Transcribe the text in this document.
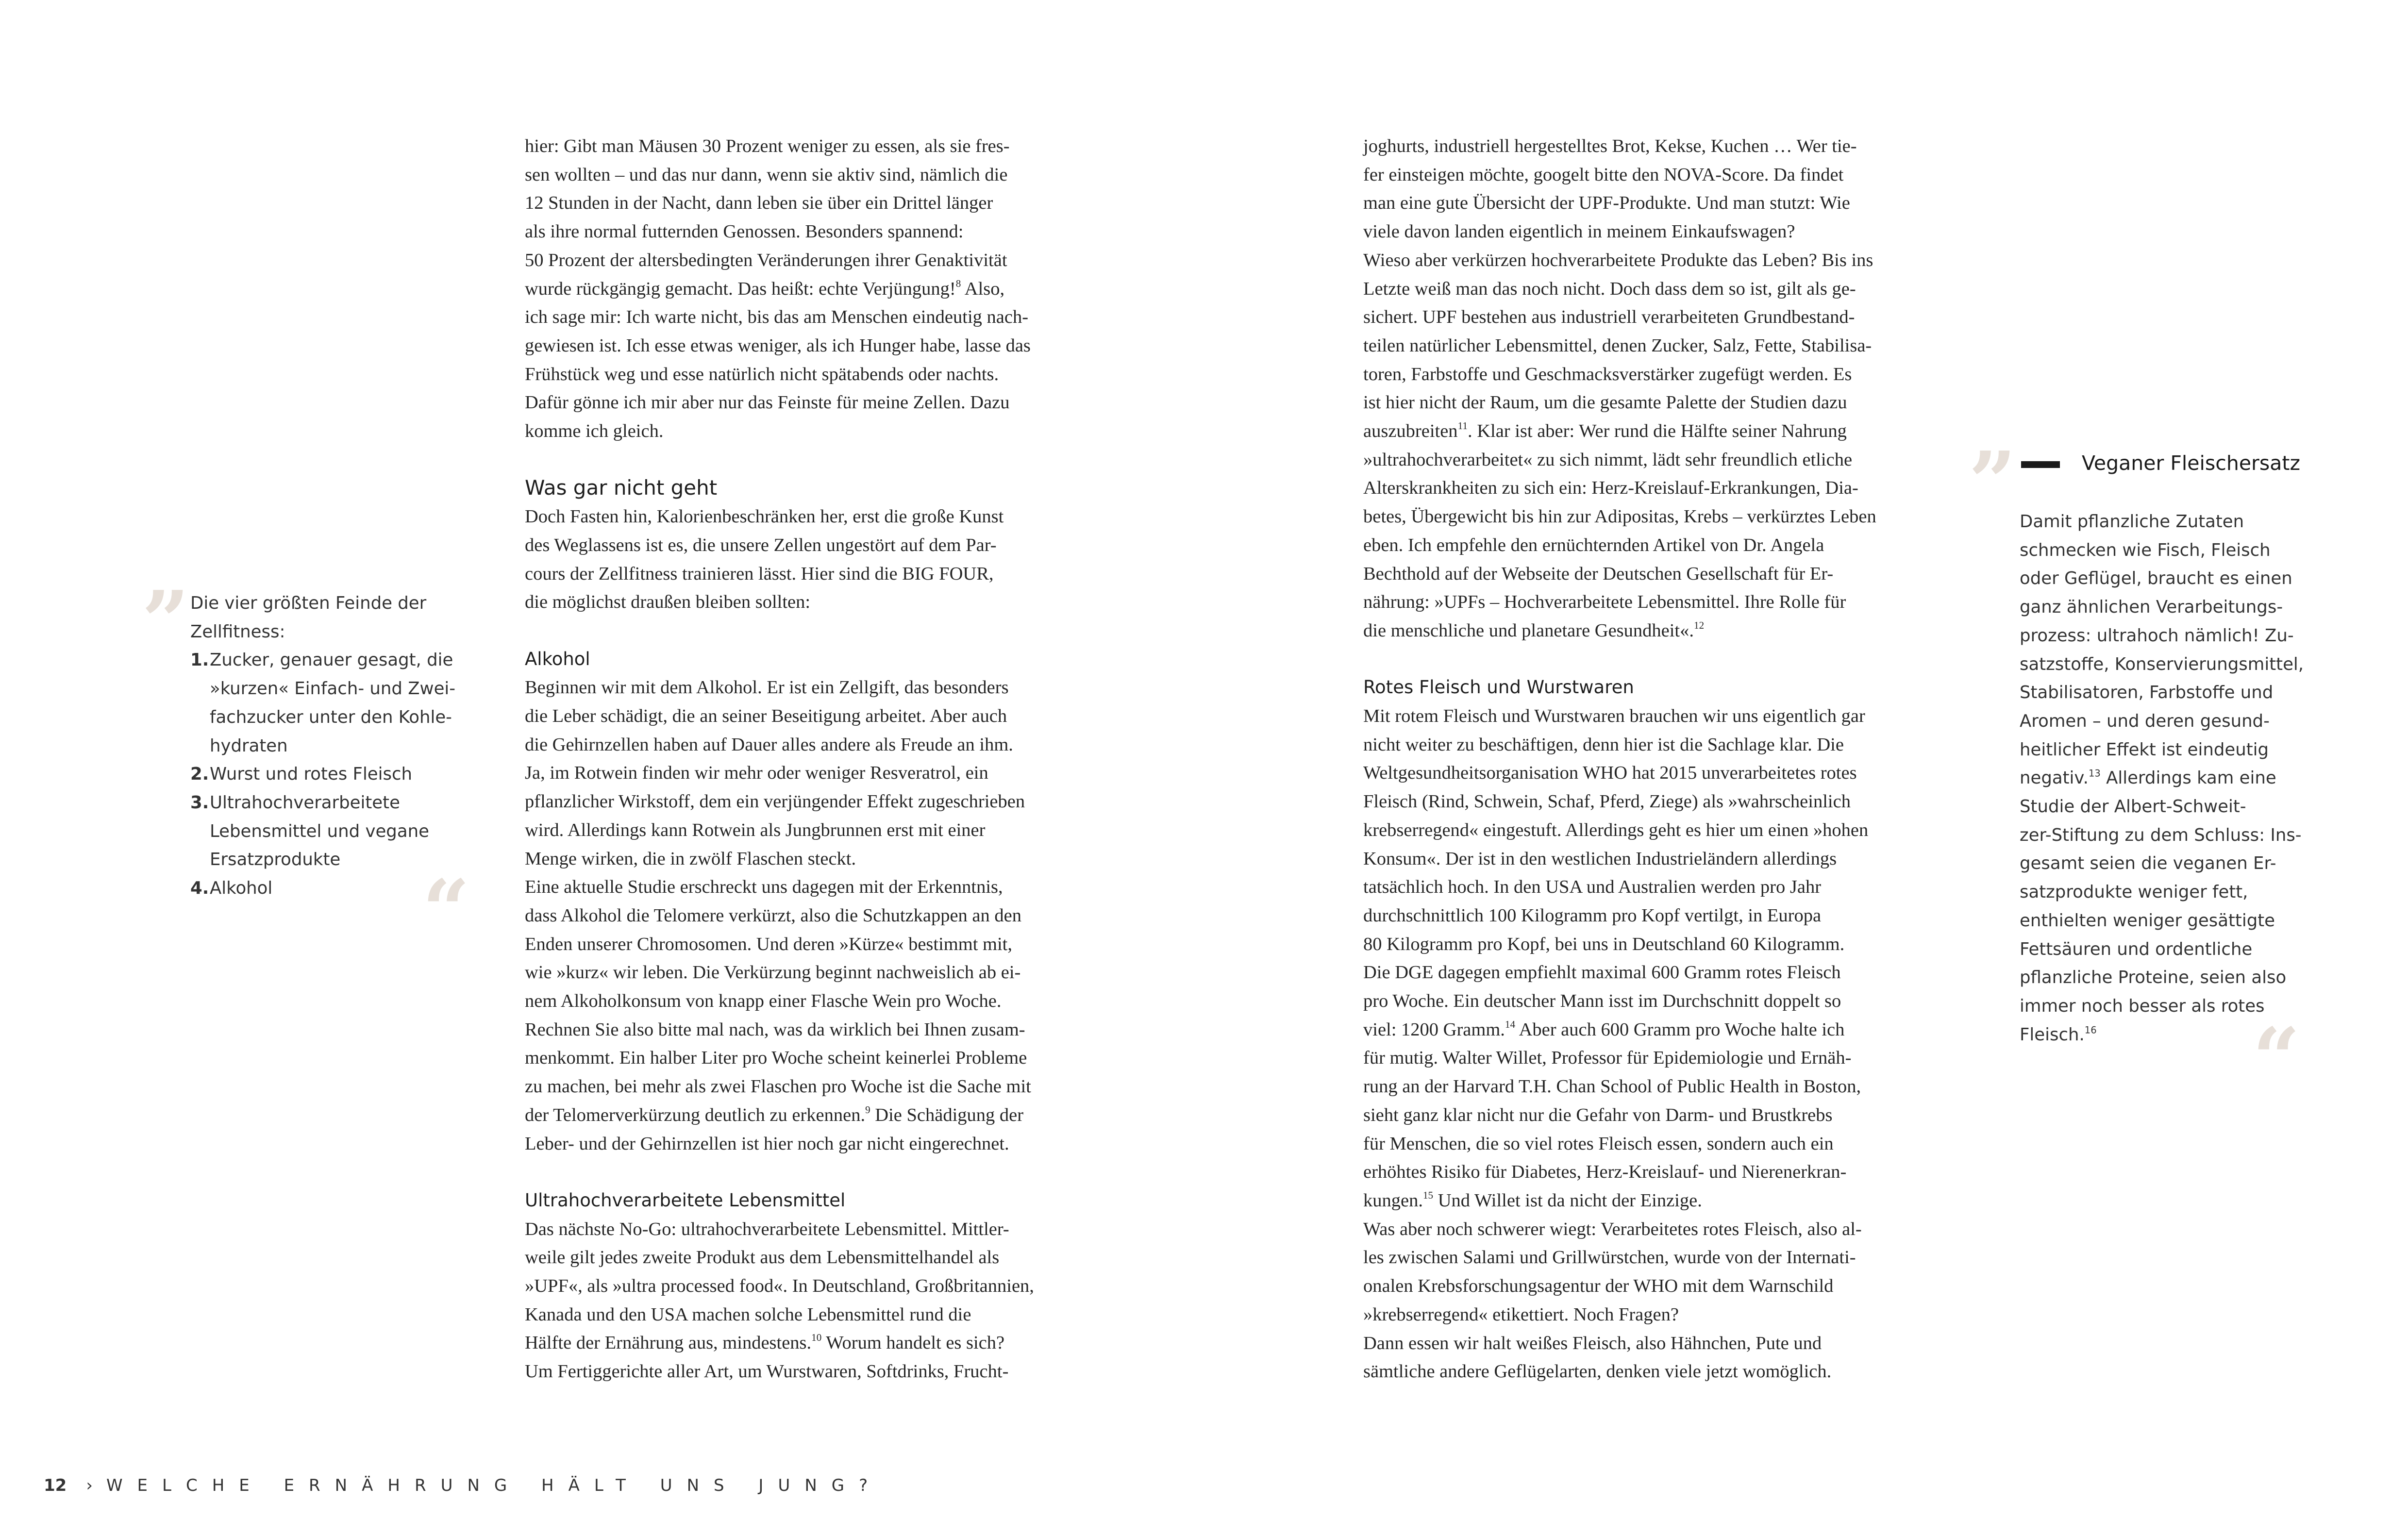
hier: Gibt man Mäusen 30 Prozent weniger zu essen, als sie fres-

sen wollten – und das nur dann, wenn sie aktiv sind, nämlich die

12 Stunden in der Nacht, dann leben sie über ein Drittel länger

als ihre normal futternden Genossen. Besonders spannend:

50 Prozent der altersbedingten Veränderungen ihrer Genaktivität

wurde rückgängig gemacht. Das heißt: echte Verjüngung!$^8$ Also,

ich sage mir: Ich warte nicht, bis das am Menschen eindeutig nach-

gewiesen ist. Ich esse etwas weniger, als ich Hunger habe, lasse das

Frühstück weg und esse natürlich nicht spätabends oder nachts.

Dafür gönne ich mir aber nur das Feinste für meine Zellen. Dazu

komme ich gleich.

Was gar nicht geht

Doch Fasten hin, Kalorienbeschränken her, erst die große Kunst

des Weglassens ist es, die unsere Zellen ungestört auf dem Par-

cours der Zellfitness trainieren lässt. Hier sind die BIG FOUR,

die möglichst draußen bleiben sollten:

Alkohol

Beginnen wir mit dem Alkohol. Er ist ein Zellgift, das besonders

die Leber schädigt, die an seiner Beseitigung arbeitet. Aber auch

die Gehirnzellen haben auf Dauer alles andere als Freude an ihm.

Ja, im Rotwein finden wir mehr oder weniger Resveratrol, ein

pflanzlicher Wirkstoff, dem ein verjüngender Effekt zugeschrieben

wird. Allerdings kann Rotwein als Jungbrunnen erst mit einer

Menge wirken, die in zwölf Flaschen steckt.

Eine aktuelle Studie erschreckt uns dagegen mit der Erkenntnis,

dass Alkohol die Telomere verkürzt, also die Schutzkappen an den

Enden unserer Chromosomen. Und deren »Kürze« bestimmt mit,

wie »kurz« wir leben. Die Verkürzung beginnt nachweislich ab ei-

nem Alkoholkonsum von knapp einer Flasche Wein pro Woche.

Rechnen Sie also bitte mal nach, was da wirklich bei Ihnen zusam-

menkommt. Ein halber Liter pro Woche scheint keinerlei Probleme

zu machen, bei mehr als zwei Flaschen pro Woche ist die Sache mit

der Telomerverkürzung deutlich zu erkennen.$^9$ Die Schädigung der

Leber- und der Gehirnzellen ist hier noch gar nicht eingerechnet.

Ultrahochverarbeitete Lebensmittel

Das nächste No-Go: ultrahochverarbeitete Lebensmittel. Mittler-

weile gilt jedes zweite Produkt aus dem Lebensmittelhandel als

»UPF«, als »ultra processed food«. In Deutschland, Großbritannien,

Kanada und den USA machen solche Lebensmittel rund die

Hälfte der Ernährung aus, mindestens.$^{10}$ Worum handelt es sich?

Um Fertiggerichte aller Art, um Wurstwaren, Softdrinks, Frucht-

joghurts, industriell hergestelltes Brot, Kekse, Kuchen … Wer tie-

fer einsteigen möchte, googelt bitte den NOVA-Score. Da findet

man eine gute Übersicht der UPF-Produkte. Und man stutzt: Wie

viele davon landen eigentlich in meinem Einkaufswagen?

Wieso aber verkürzen hochverarbeitete Produkte das Leben? Bis ins

Letzte weiß man das noch nicht. Doch dass dem so ist, gilt als ge-

sichert. UPF bestehen aus industriell verarbeiteten Grundbestand-

teilen natürlicher Lebensmittel, denen Zucker, Salz, Fette, Stabilisa-

toren, Farbstoffe und Geschmacksverstärker zugefügt werden. Es

ist hier nicht der Raum, um die gesamte Palette der Studien dazu

auszubreiten$^{11}$. Klar ist aber: Wer rund die Hälfte seiner Nahrung

»ultrahochverarbeitet« zu sich nimmt, lädt sehr freundlich etliche

Alterskrankheiten zu sich ein: Herz-Kreislauf-Erkrankungen, Dia-

betes, Übergewicht bis hin zur Adipositas, Krebs – verkürztes Leben

eben. Ich empfehle den ernüchternden Artikel von Dr. Angela

Bechthold auf der Webseite der Deutschen Gesellschaft für Er-

nährung: »UPFs – Hochverarbeitete Lebensmittel. Ihre Rolle für

die menschliche und planetare Gesundheit«.$^{12}$

Rotes Fleisch und Wurstwaren

Mit rotem Fleisch und Wurstwaren brauchen wir uns eigentlich gar

nicht weiter zu beschäftigen, denn hier ist die Sachlage klar. Die

Weltgesundheitsorganisation WHO hat 2015 unverarbeitetes rotes

Fleisch (Rind, Schwein, Schaf, Pferd, Ziege) als »wahrscheinlich

krebserregend« eingestuft. Allerdings geht es hier um einen »hohen

Konsum«. Der ist in den westlichen Industrieländern allerdings

tatsächlich hoch. In den USA und Australien werden pro Jahr

durchschnittlich 100 Kilogramm pro Kopf vertilgt, in Europa

80 Kilogramm pro Kopf, bei uns in Deutschland 60 Kilogramm.

Die DGE dagegen empfiehlt maximal 600 Gramm rotes Fleisch

pro Woche. Ein deutscher Mann isst im Durchschnitt doppelt so

viel: 1200 Gramm.$^{14}$ Aber auch 600 Gramm pro Woche halte ich

für mutig. Walter Willet, Professor für Epidemiologie und Ernäh-

rung an der Harvard T.H. Chan School of Public Health in Boston,

sieht ganz klar nicht nur die Gefahr von Darm- und Brustkrebs

für Menschen, die so viel rotes Fleisch essen, sondern auch ein

erhöhtes Risiko für Diabetes, Herz-Kreislauf- und Nierenerkran-

kungen.$^{15}$ Und Willet ist da nicht der Einzige.

Was aber noch schwerer wiegt: Verarbeitetes rotes Fleisch, also al-

les zwischen Salami und Grillwürstchen, wurde von der Internati-

onalen Krebsforschungsagentur der WHO mit dem Warnschild

»krebserregend« etikettiert. Noch Fragen?

Dann essen wir halt weißes Fleisch, also Hähnchen, Pute und

sämtliche andere Geflügelarten, denken viele jetzt womöglich.

” Die vier größten Feinde der

Zellfitness:

1.Zucker, genauer gesagt, die

»kurzen« Einfach- und Zwei-

fachzucker unter den Kohle-

hydraten

2.Wurst und rotes Fleisch

3.Ultrahochverarbeitete

Lebensmittel und vegane

Ersatzprodukte

4.Alkohol	“
”	Veganer Fleischersatz

Damit pflanzliche Zutaten

schmecken wie Fisch, Fleisch

oder Geflügel, braucht es einen

ganz ähnlichen Verarbeitungs-

prozess: ultrahoch nämlich! Zu-

satzstoffe, Konservierungsmittel,

Stabilisatoren, Farbstoffe und

Aromen – und deren gesund-

heitlicher Effekt ist eindeutig

negativ.$^{13}$ Allerdings kam eine

Studie der Albert-Schweit-

zer-Stiftung zu dem Schluss: Ins-

gesamt seien die veganen Er-

satzprodukte weniger fett,

enthielten weniger gesättigte

Fettsäuren und ordentliche

pflanzliche Proteine, seien also

immer noch besser als rotes

Fleisch.$^{16}$	“
12 › WELCHE ERNÄHRUNG HÄLT UNS JUNG?
